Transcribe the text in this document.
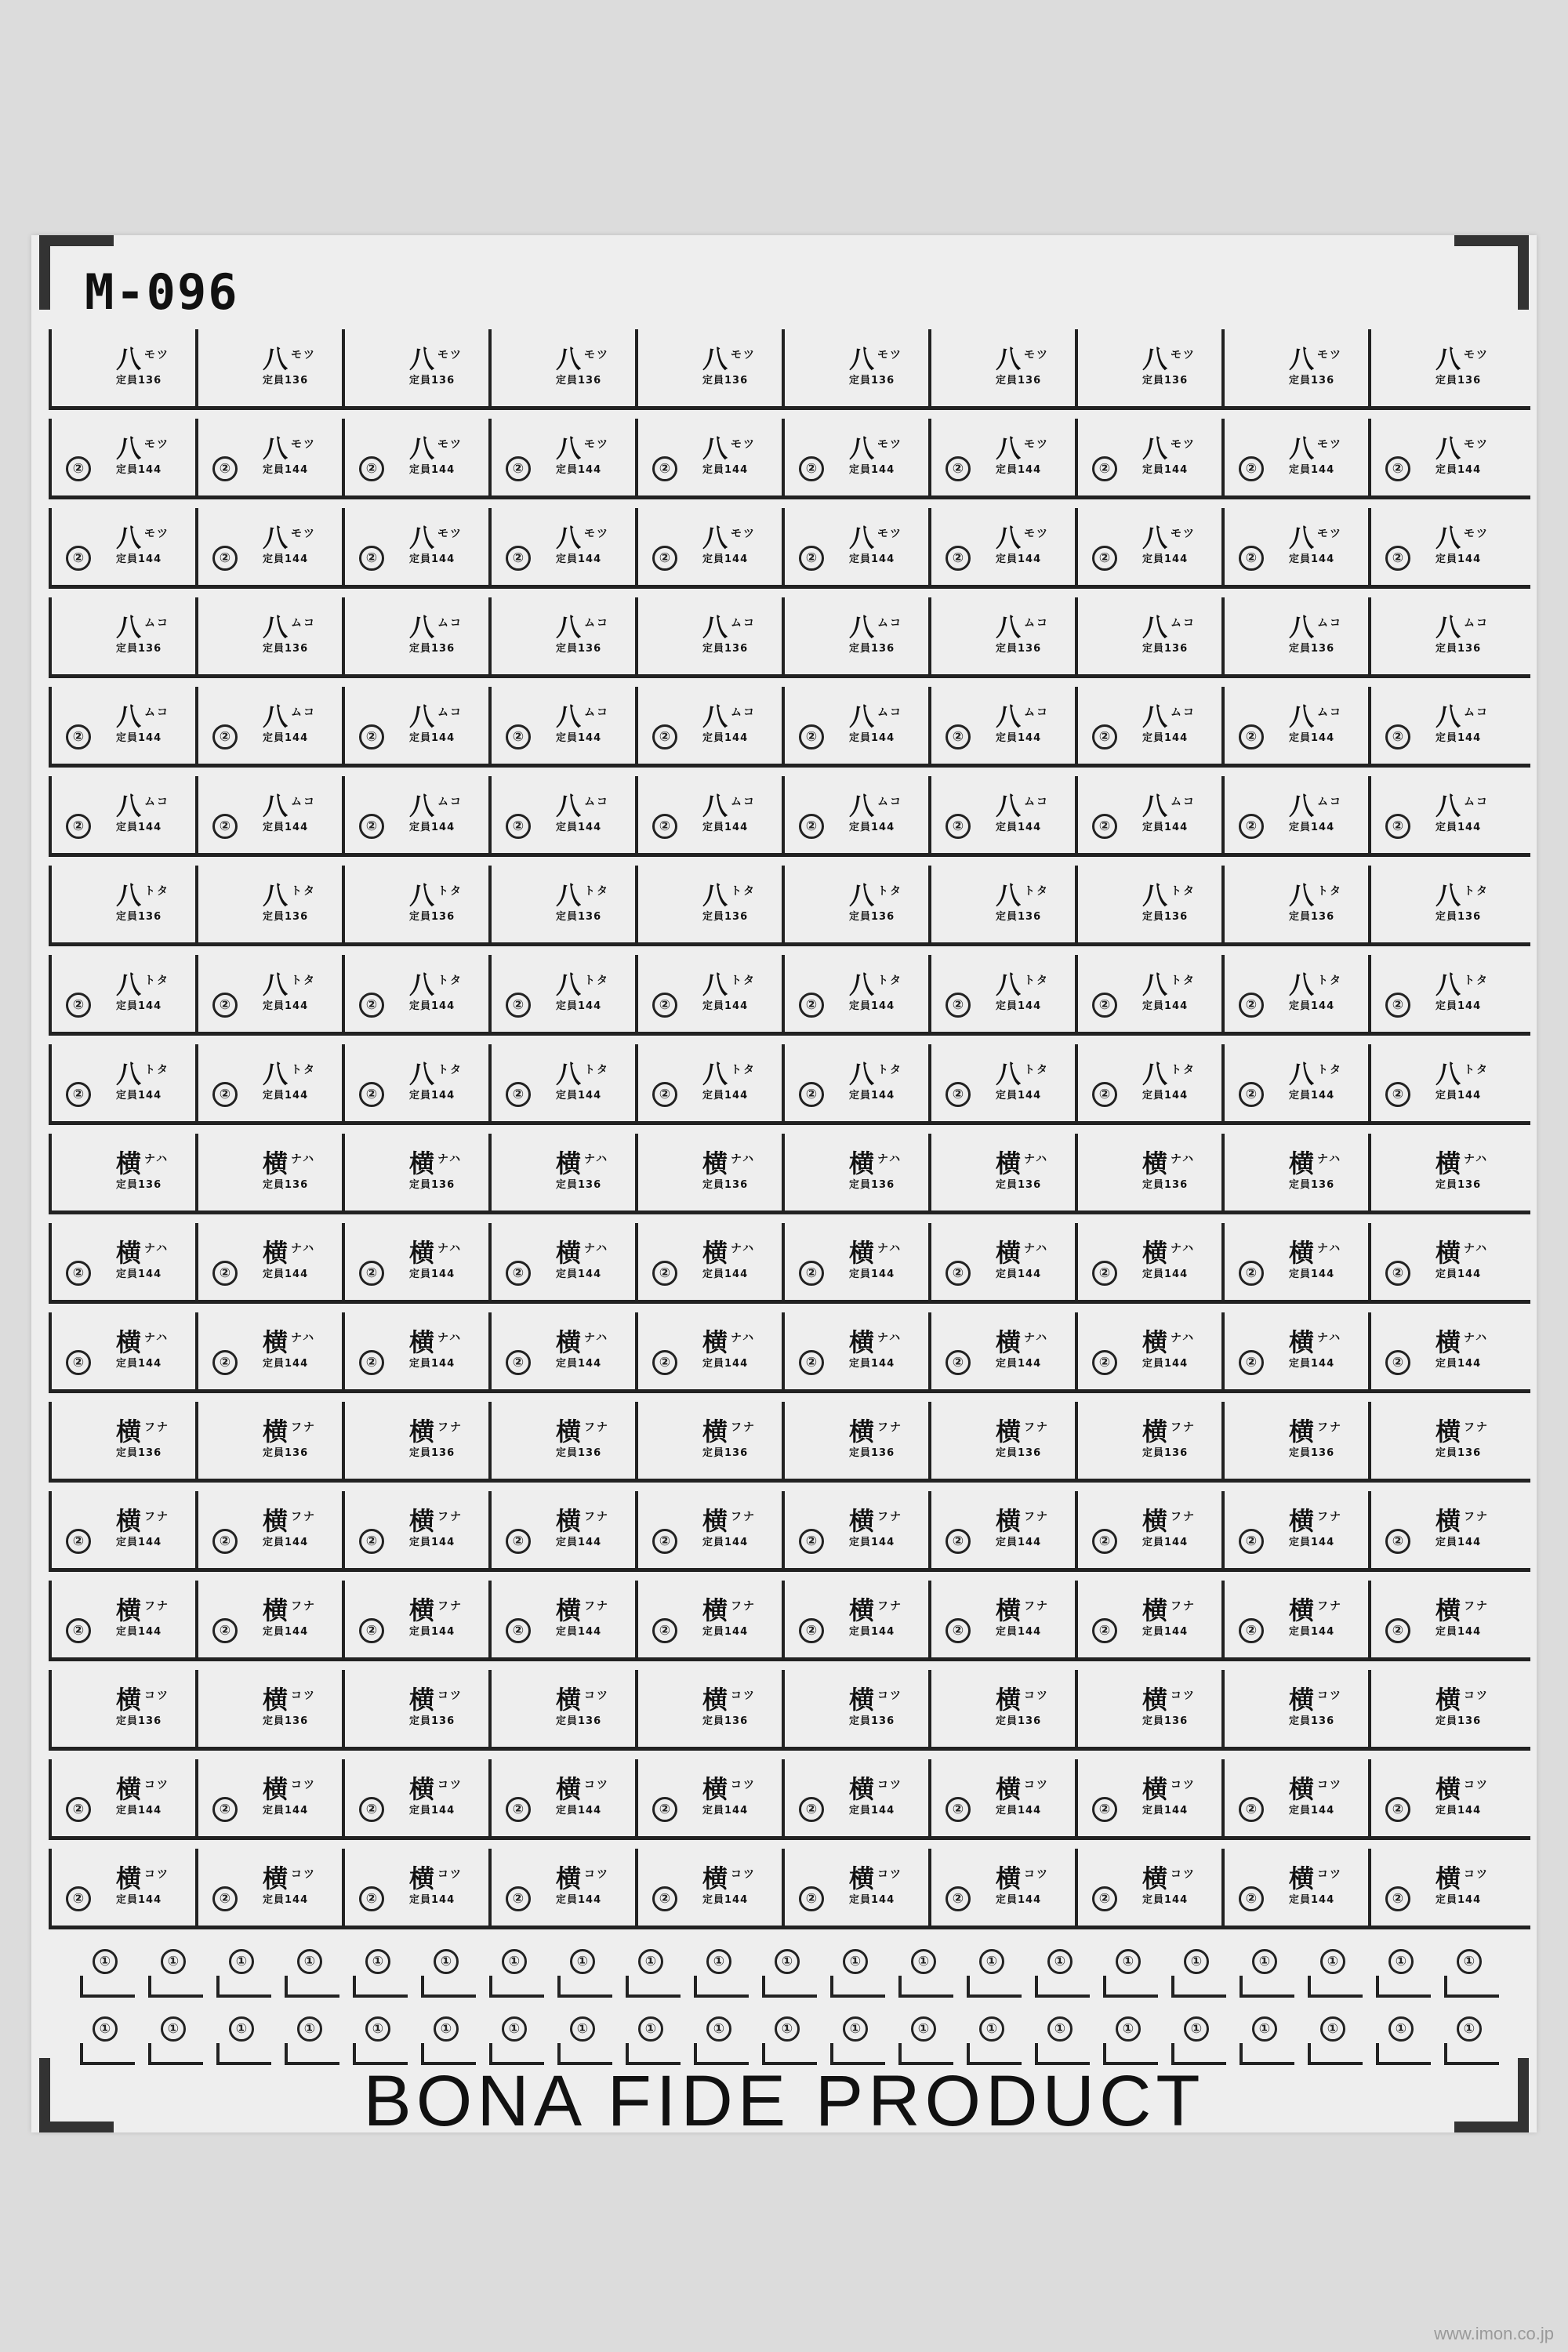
M-096
八 $^{モツ}$
定員136
八 $^{モツ}$
定員136
八 $^{モツ}$
定員136
八 $^{モツ}$
定員136
八 $^{モツ}$
定員136
八 $^{モツ}$
定員136
八 $^{モツ}$
定員136
八 $^{モツ}$
定員136
八 $^{モツ}$
定員136
八 $^{モツ}$
定員136
②
八 $^{モツ}$
定員144	②
八 $^{モツ}$
定員144	②
八 $^{モツ}$
定員144	②
八 $^{モツ}$
定員144	②
八 $^{モツ}$
定員144	②
八 $^{モツ}$
定員144	②
八 $^{モツ}$
定員144	②
八 $^{モツ}$
定員144	②
八 $^{モツ}$
定員144	②
八 $^{モツ}$
定員144
②
八 $^{モツ}$
定員144	②
八 $^{モツ}$
定員144	②
八 $^{モツ}$
定員144	②
八 $^{モツ}$
定員144	②
八 $^{モツ}$
定員144	②
八 $^{モツ}$
定員144	②
八 $^{モツ}$
定員144	②
八 $^{モツ}$
定員144	②
八 $^{モツ}$
定員144	②
八 $^{モツ}$
定員144
八 $^{ムコ}$
定員136
八 $^{ムコ}$
定員136
八 $^{ムコ}$
定員136
八 $^{ムコ}$
定員136
八 $^{ムコ}$
定員136
八 $^{ムコ}$
定員136
八 $^{ムコ}$
定員136
八 $^{ムコ}$
定員136
八 $^{ムコ}$
定員136
八 $^{ムコ}$
定員136
②
八 $^{ムコ}$
定員144	②
八 $^{ムコ}$
定員144	②
八 $^{ムコ}$
定員144	②
八 $^{ムコ}$
定員144	②
八 $^{ムコ}$
定員144	②
八 $^{ムコ}$
定員144	②
八 $^{ムコ}$
定員144	②
八 $^{ムコ}$
定員144	②
八 $^{ムコ}$
定員144	②
八 $^{ムコ}$
定員144
②
八 $^{ムコ}$
定員144	②
八 $^{ムコ}$
定員144	②
八 $^{ムコ}$
定員144	②
八 $^{ムコ}$
定員144	②
八 $^{ムコ}$
定員144	②
八 $^{ムコ}$
定員144	②
八 $^{ムコ}$
定員144	②
八 $^{ムコ}$
定員144	②
八 $^{ムコ}$
定員144	②
八 $^{ムコ}$
定員144
八 $^{トタ}$
定員136
八 $^{トタ}$
定員136
八 $^{トタ}$
定員136
八 $^{トタ}$
定員136
八 $^{トタ}$
定員136
八 $^{トタ}$
定員136
八 $^{トタ}$
定員136
八 $^{トタ}$
定員136
八 $^{トタ}$
定員136
八 $^{トタ}$
定員136
②
八 $^{トタ}$
定員144	②
八 $^{トタ}$
定員144	②
八 $^{トタ}$
定員144	②
八 $^{トタ}$
定員144	②
八 $^{トタ}$
定員144	②
八 $^{トタ}$
定員144	②
八 $^{トタ}$
定員144	②
八 $^{トタ}$
定員144	②
八 $^{トタ}$
定員144	②
八 $^{トタ}$
定員144
②
八 $^{トタ}$
定員144	②
八 $^{トタ}$
定員144	②
八 $^{トタ}$
定員144	②
八 $^{トタ}$
定員144	②
八 $^{トタ}$
定員144	②
八 $^{トタ}$
定員144	②
八 $^{トタ}$
定員144	②
八 $^{トタ}$
定員144	②
八 $^{トタ}$
定員144	②
八 $^{トタ}$
定員144
横 $^{ナハ}$
定員136
横 $^{ナハ}$
定員136
横 $^{ナハ}$
定員136
横 $^{ナハ}$
定員136
横 $^{ナハ}$
定員136
横 $^{ナハ}$
定員136
横 $^{ナハ}$
定員136
横 $^{ナハ}$
定員136
横 $^{ナハ}$
定員136
横 $^{ナハ}$
定員136
②
横 $^{ナハ}$
定員144	②
横 $^{ナハ}$
定員144	②
横 $^{ナハ}$
定員144	②
横 $^{ナハ}$
定員144	②
横 $^{ナハ}$
定員144	②
横 $^{ナハ}$
定員144	②
横 $^{ナハ}$
定員144	②
横 $^{ナハ}$
定員144	②
横 $^{ナハ}$
定員144	②
横 $^{ナハ}$
定員144
②
横 $^{ナハ}$
定員144	②
横 $^{ナハ}$
定員144	②
横 $^{ナハ}$
定員144	②
横 $^{ナハ}$
定員144	②
横 $^{ナハ}$
定員144	②
横 $^{ナハ}$
定員144	②
横 $^{ナハ}$
定員144	②
横 $^{ナハ}$
定員144	②
横 $^{ナハ}$
定員144	②
横 $^{ナハ}$
定員144
横 $^{フナ}$
定員136
横 $^{フナ}$
定員136
横 $^{フナ}$
定員136
横 $^{フナ}$
定員136
横 $^{フナ}$
定員136
横 $^{フナ}$
定員136
横 $^{フナ}$
定員136
横 $^{フナ}$
定員136
横 $^{フナ}$
定員136
横 $^{フナ}$
定員136
②
横 $^{フナ}$
定員144	②
横 $^{フナ}$
定員144	②
横 $^{フナ}$
定員144	②
横 $^{フナ}$
定員144	②
横 $^{フナ}$
定員144	②
横 $^{フナ}$
定員144	②
横 $^{フナ}$
定員144	②
横 $^{フナ}$
定員144	②
横 $^{フナ}$
定員144	②
横 $^{フナ}$
定員144
②
横 $^{フナ}$
定員144	②
横 $^{フナ}$
定員144	②
横 $^{フナ}$
定員144	②
横 $^{フナ}$
定員144	②
横 $^{フナ}$
定員144	②
横 $^{フナ}$
定員144	②
横 $^{フナ}$
定員144	②
横 $^{フナ}$
定員144	②
横 $^{フナ}$
定員144	②
横 $^{フナ}$
定員144
横 $^{コツ}$
定員136
横 $^{コツ}$
定員136
横 $^{コツ}$
定員136
横 $^{コツ}$
定員136
横 $^{コツ}$
定員136
横 $^{コツ}$
定員136
横 $^{コツ}$
定員136
横 $^{コツ}$
定員136
横 $^{コツ}$
定員136
横 $^{コツ}$
定員136
②
横 $^{コツ}$
定員144	②
横 $^{コツ}$
定員144	②
横 $^{コツ}$
定員144	②
横 $^{コツ}$
定員144	②
横 $^{コツ}$
定員144	②
横 $^{コツ}$
定員144	②
横 $^{コツ}$
定員144	②
横 $^{コツ}$
定員144	②
横 $^{コツ}$
定員144	②
横 $^{コツ}$
定員144
②
横 $^{コツ}$
定員144	②
横 $^{コツ}$
定員144	②
横 $^{コツ}$
定員144	②
横 $^{コツ}$
定員144	②
横 $^{コツ}$
定員144	②
横 $^{コツ}$
定員144	②
横 $^{コツ}$
定員144	②
横 $^{コツ}$
定員144	②
横 $^{コツ}$
定員144	②
横 $^{コツ}$
定員144
①	①	①	①	①	①	①	①	①	①	①	①	①	①	①	①	①	①	①	①	①
①	①	①	①	①	①	①	①	①	①	①	①	①	①	①	①	①	①	①	①	①

BONA FIDE PRODUCT

www.imon.co.jp
